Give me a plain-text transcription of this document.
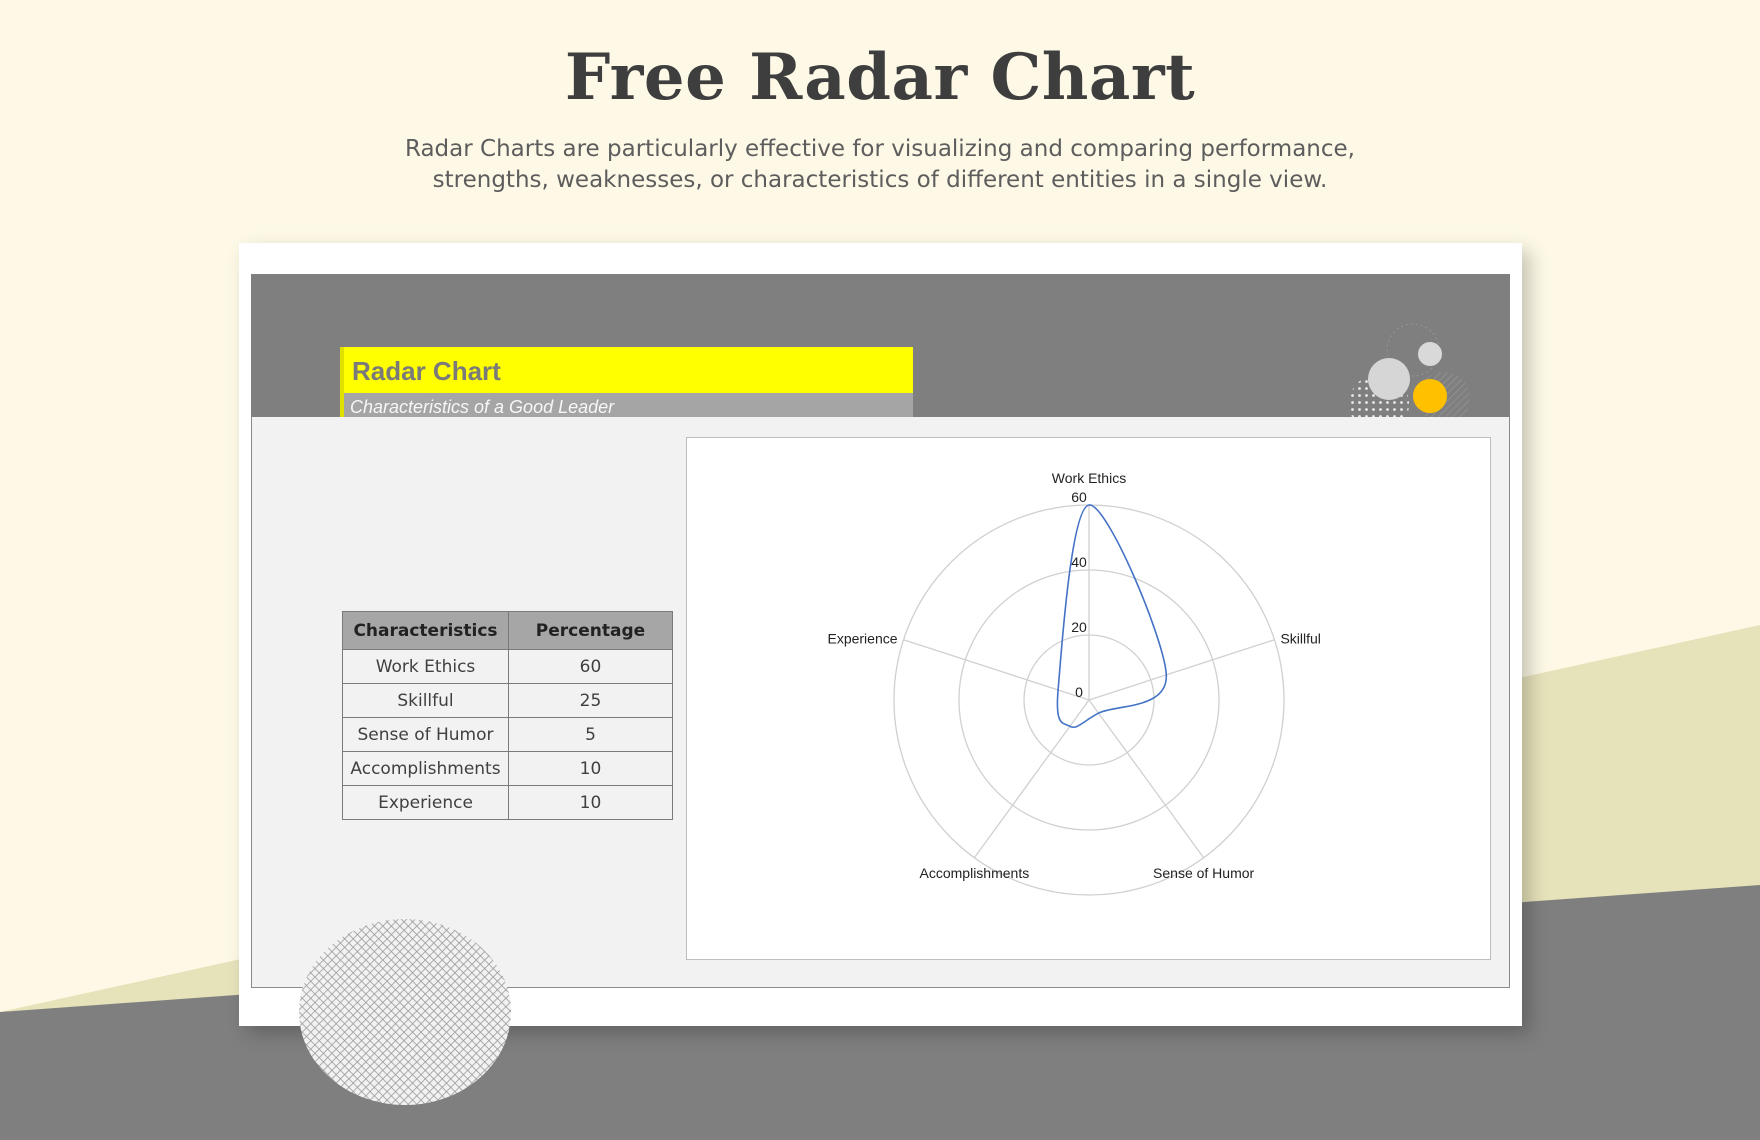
Free Radar Chart
Radar Charts are particularly effective for visualizing and comparing performance,
strengths, weaknesses, or characteristics of different entities in a single view.
Radar Chart
Characteristics of a Good Leader
Characteristics	Percentage
Work Ethics	60
Skillful	25
Sense of Humor	5
Accomplishments	10
Experience	10
0
20
40
60
Work Ethics
Skillful
Sense of Humor
Accomplishments
Experience
